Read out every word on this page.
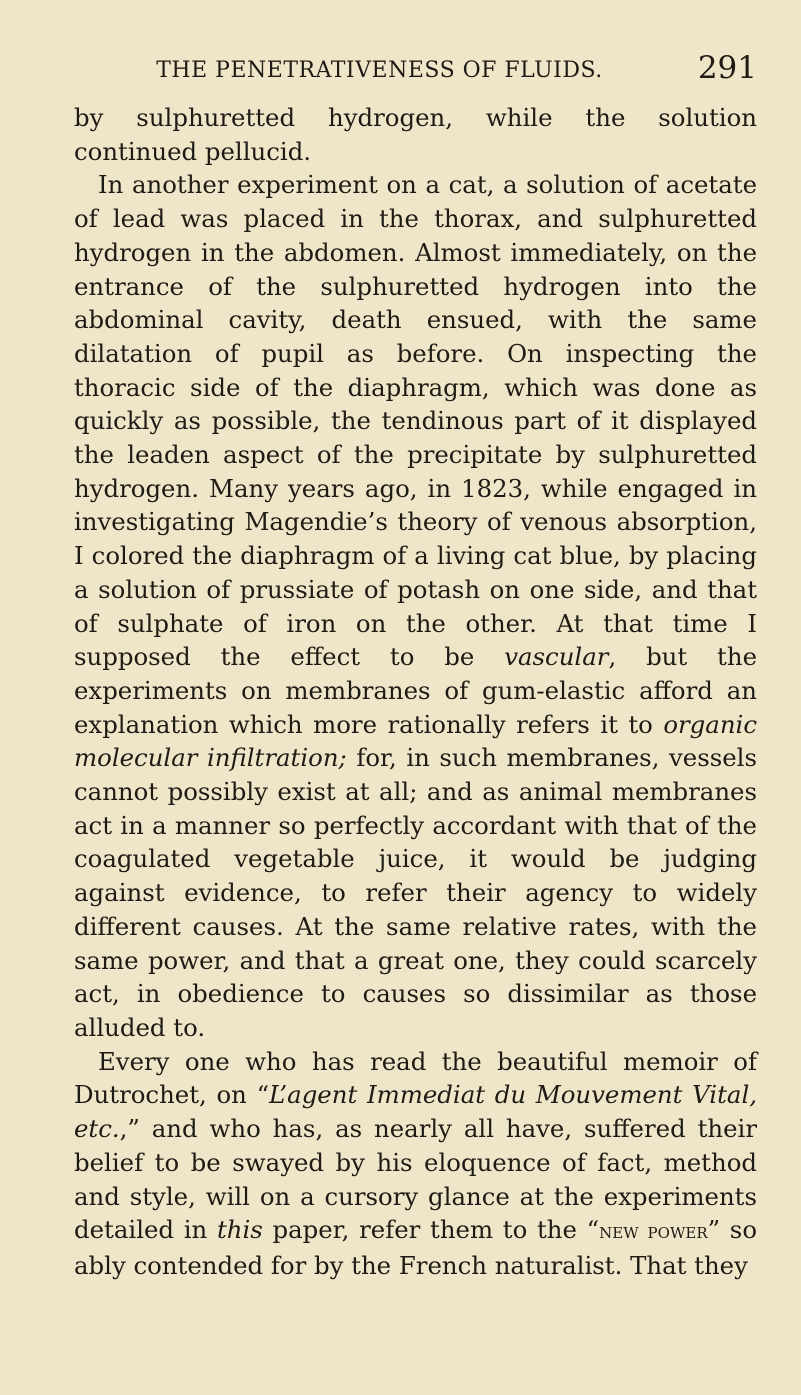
THE PENETRATIVENESS OF FLUIDS.	291

by sulphuretted hydrogen, while the solution continued pellucid.

In another experiment on a cat, a solution of acetate of lead was placed in the thorax, and sulphuretted hydrogen in the abdomen. Almost immediately, on the entrance of the sulphuretted hydrogen into the abdominal cavity, death ensued, with the same dilatation of pupil as before. On inspecting the thoracic side of the diaphragm, which was done as quickly as possible, the tendinous part of it displayed the leaden aspect of the precipitate by sulphuretted hydrogen. Many years ago, in 1823, while engaged in investigating Magendie’s theory of venous absorption, I colored the diaphragm of a living cat blue, by placing a solution of prussiate of potash on one side, and that of sulphate of iron on the other. At that time I supposed the effect to be vascular, but the experiments on membranes of gum-elastic afford an explanation which more rationally refers it to organic molecular infiltration; for, in such membranes, vessels cannot possibly exist at all; and as animal membranes act in a manner so perfectly accordant with that of the coagulated vegetable juice, it would be judging against evidence, to refer their agency to widely different causes. At the same relative rates, with the same power, and that a great one, they could scarcely act, in obedience to causes so dissimilar as those alluded to.

Every one who has read the beautiful memoir of Dutrochet, on “L’agent Immediat du Mouvement Vital, etc.,” and who has, as nearly all have, suffered their belief to be swayed by his eloquence of fact, method and style, will on a cursory glance at the experiments detailed in this paper, refer them to the “new power” so ably contended for by the French naturalist. That they
